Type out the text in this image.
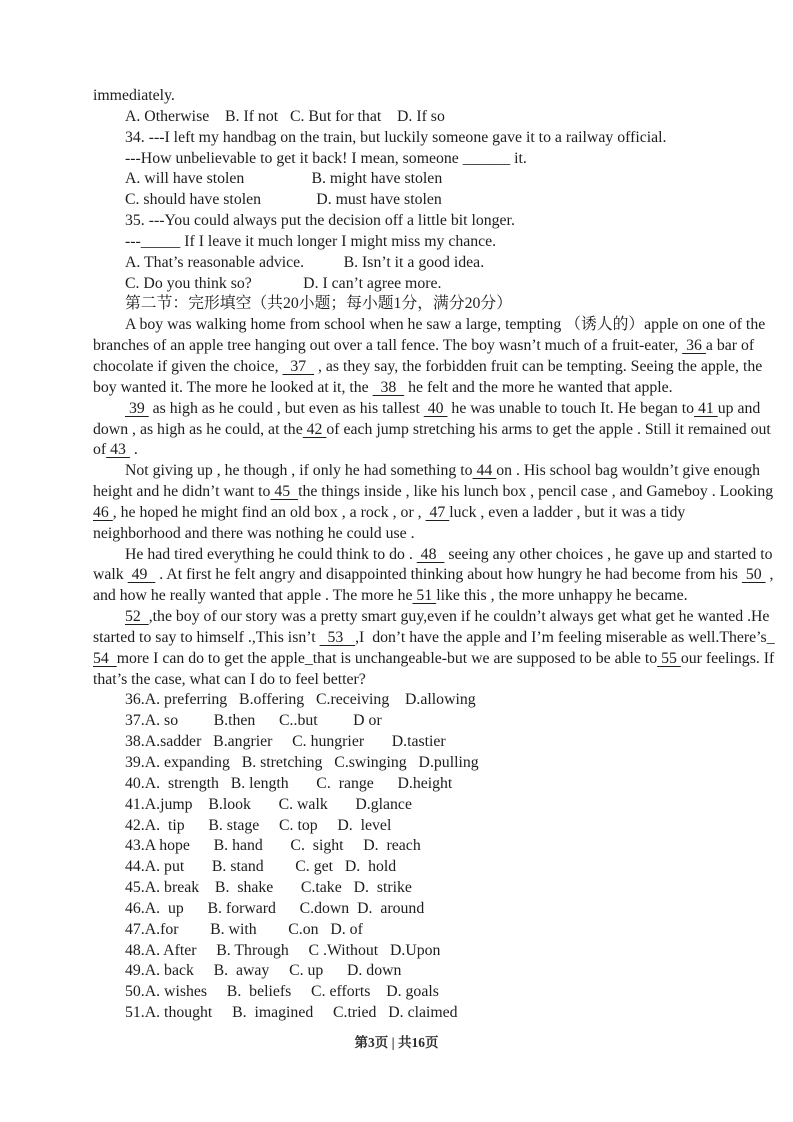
immediately.
A. Otherwise    B. If not   C. But for that    D. If so
34. ---I left my handbag on the train, but luckily someone gave it to a railway official.
---How unbelievable to get it back! I mean, someone ______ it.
A. will have stolen                 B. might have stolen
C. should have stolen              D. must have stolen
35. ---You could always put the decision off a little bit longer.
---_____ If I leave it much longer I might miss my chance.
A. That’s reasonable advice.          B. Isn’t it a good idea.
C. Do you think so?             D. I can’t agree more.
第二节：完形填空（共20小题；每小题1分，满分20分）
A boy was walking home from school when he saw a large, tempting （诱人的）apple on one of the
branches of an apple tree hanging out over a tall fence. The boy wasn’t much of a fruit-eater,  36 a bar of
chocolate if given the choice,   37   , as they say, the forbidden fruit can be tempting. Seeing the apple, the
boy wanted it. The more he looked at it, the   38   he felt and the more he wanted that apple.
39  as high as he could , but even as his tallest  40  he was unable to touch It. He began to 41 up and
down , as high as he could, at the 42 of each jump stretching his arms to get the apple . Still it remained out
of 43  .
Not giving up , he though , if only he had something to 44 on . His school bag wouldn’t give enough
height and he didn’t want to 45  the things inside , like his lunch box , pencil case , and Gameboy . Looking
46 , he hoped he might find an old box , a rock , or ,  47 luck , even a ladder , but it was a tidy
neighborhood and there was nothing he could use .
He had tired everything he could think to do .  48   seeing any other choices , he gave up and started to
walk  49   . At first he felt angry and disappointed thinking about how hungry he had become from his  50  ,
and how he really wanted that apple . The more he 51 like this , the more unhappy he became.
52  ,the boy of our story was a pretty smart guy,even if he couldn’t always get what get he wanted .He
started to say to himself .,This isn’t   53   ,I  don’t have the apple and I’m feeling miserable as well.There’s_
54  more I can do to get the apple_that is unchangeable-but we are supposed to be able to 55 our feelings. If
that’s the case, what can I do to feel better?
36.A. preferring   B.offering   C.receiving    D.allowing
37.A. so         B.then      C..but         D or
38.A.sadder   B.angrier     C. hungrier       D.tastier
39.A. expanding   B. stretching   C.swinging   D.pulling
40.A.  strength   B. length       C.  range      D.height
41.A.jump    B.look       C. walk       D.glance
42.A.  tip      B. stage     C. top     D.  level
43.A hope      B. hand       C.  sight     D.  reach
44.A. put       B. stand        C. get   D.  hold
45.A. break    B.  shake       C.take   D.  strike
46.A.  up      B. forward      C.down  D.  around
47.A.for        B. with        C.on   D. of
48.A. After     B. Through     C .Without   D.Upon
49.A. back     B.  away     C. up      D. down
50.A. wishes     B.  beliefs     C. efforts    D. goals
51.A. thought     B.  imagined     C.tried   D. claimed
第3页 | 共16页
